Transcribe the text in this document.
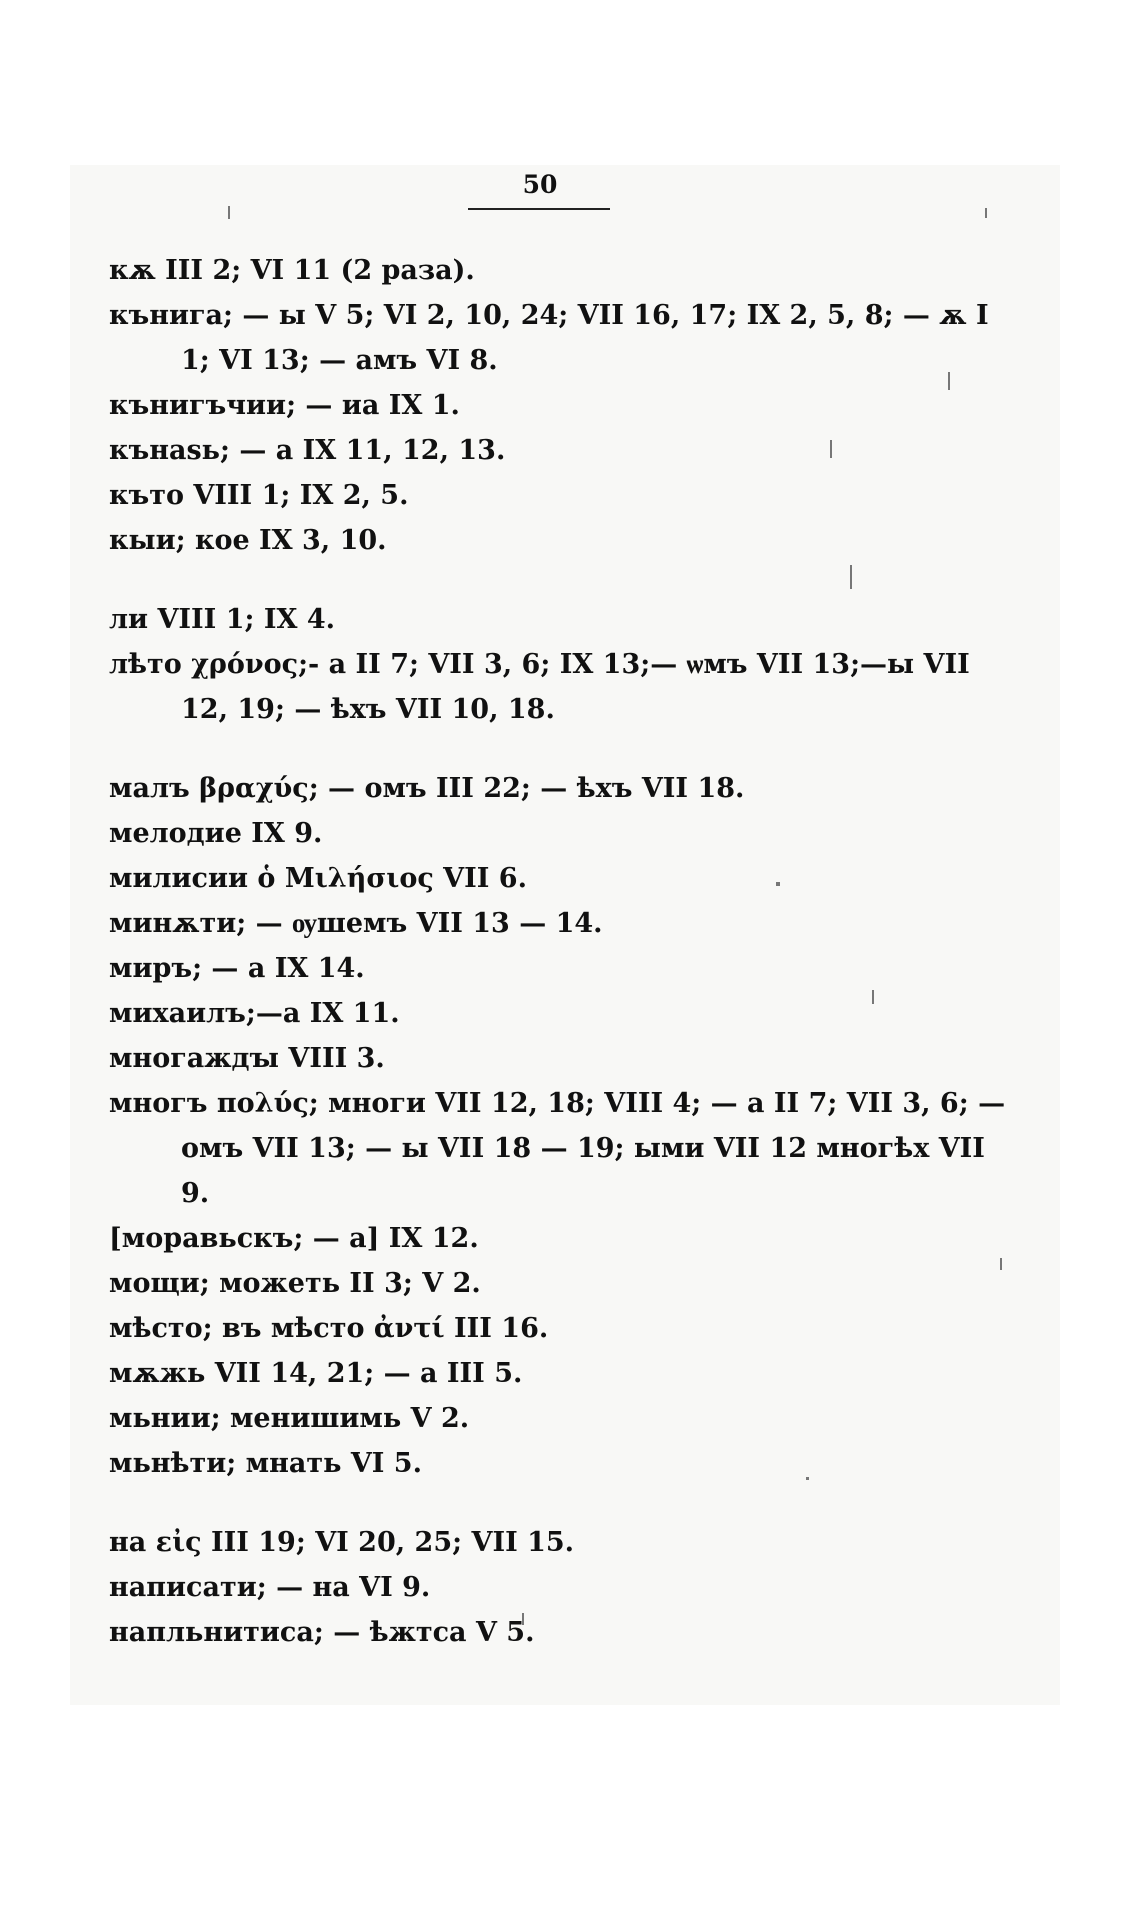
50

кѫ III 2; VI 11 (2 раза).

кънига; — ы V 5; VI 2, 10, 24; VII 16, 17; IX 2, 5, 8; — ѫ I 1; VI 13; — амъ VI 8.

кънигъчии; — иа IX 1.

кънаѕь; — а IX 11, 12, 13.

къто VIII 1; IX 2, 5.

кыи; кое IX 3, 10.

ли VIII 1; IX 4.

лѣто χρόνος;- а II 7; VII 3, 6; IX 13;— ѡмъ VII 13;—ы VII 12, 19; — ѣхъ VII 10, 18.

малъ βραχύς; — омъ III 22; — ѣхъ VII 18.

мелодие IX 9.

милисии ὁ Μιλήσιος VII 6.

минѫти; — ѹшемъ VII 13 — 14.

миръ; — а IX 14.

михаилъ;—а IX 11.

многаждꙑ VIII 3.

многъ πολύς; многи VII 12, 18; VIII 4; — а II 7; VII 3, 6; — омъ VII 13; — ы VII 18 — 19; ыми VII 12 многѣх VII 9.

[моравьскъ; — а] IX 12.

мощи; можеть II 3; V 2.

мѣсто; въ мѣсто ἀντί III 16.

мѫжь VII 14, 21; — а III 5.

мьнии; менишимь V 2.

мьнѣти; мнать VI 5.

на εἰς III 19; VI 20, 25; VII 15.

написати; — на VI 9.

напльнитиса; — ѣжтса V 5.
